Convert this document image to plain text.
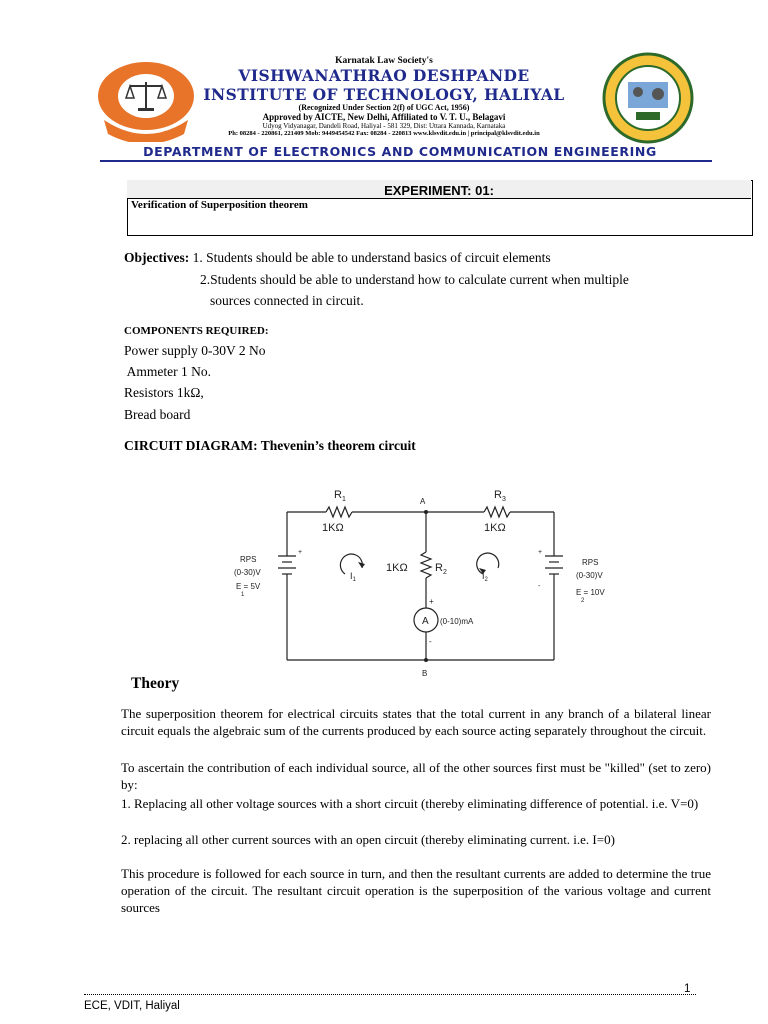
Karnatak Law Society's
VISHWANATHRAO DESHPANDE
INSTITUTE OF TECHNOLOGY, HALIYAL
(Recognized Under Section 2(f) of UGC Act, 1956)
Approved by AICTE, New Delhi, Affiliated to V. T. U., Belagavi
Udyog Vidyanagar, Dandeli Road, Haliyal - 581 329, Dist: Uttara Kannada, Karnataka
Ph: 08284 - 220861, 221409 Mob: 9449454542 Fax: 08284 - 220813 www.klsvdit.edu.in | principal@klsvdit.edu.in
DEPARTMENT OF ELECTRONICS AND COMMUNICATION ENGINEERING
EXPERIMENT: 01:
Verification of Superposition theorem
Objectives: 1. Students should be able to understand basics of circuit elements
2.Students should be able to understand how to calculate current when multiple
sources connected in circuit.
COMPONENTS REQUIRED:
Power supply 0-30V 2 No
Ammeter 1 No.
Resistors 1kΩ,
Bread board
CIRCUIT DIAGRAM: Thevenin’s theorem circuit
$R_1$
1KΩ
$R_3$
1KΩ
A
B
1KΩ $R_2$
$I_1$	$I_2$
A (0-10)mA
+
-
+	+
-
RPS
(0-30)V
E = 5V
1
RPS
(0-30)V
E = 10V
2
Theory
The superposition theorem for electrical circuits states that the total current in any branch of a bilateral linear circuit equals the algebraic sum of the currents produced by each source acting separately throughout the circuit.
To ascertain the contribution of each individual source, all of the other sources first must be "killed" (set to zero) by:
1. Replacing all other voltage sources with a short circuit (thereby eliminating difference of potential. i.e. V=0)
2. replacing all other current sources with an open circuit (thereby eliminating current. i.e. I=0)
This procedure is followed for each source in turn, and then the resultant currents are added to determine the true operation of the circuit. The resultant circuit operation is the superposition of the various voltage and current sources
1
ECE, VDIT, Haliyal
